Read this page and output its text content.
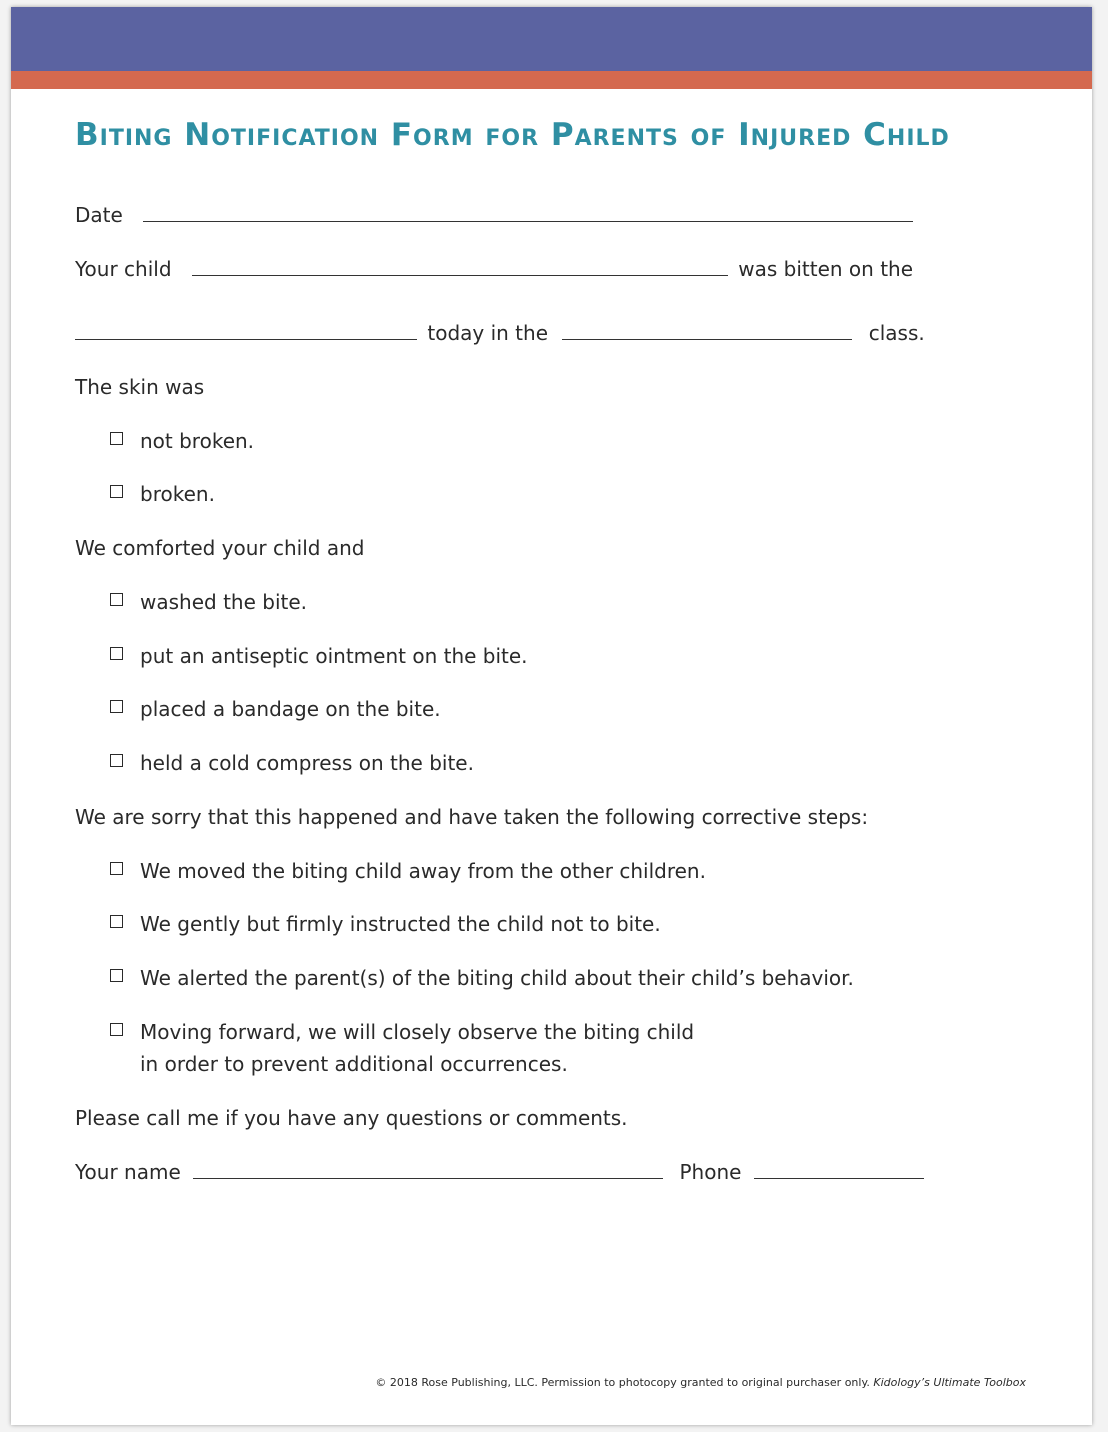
Biting Notification Form for Parents of Injured Child
Date
Your child	was bitten on the
today in the	class.
The skin was
not broken.
broken.
We comforted your child and
washed the bite.
put an antiseptic ointment on the bite.
placed a bandage on the bite.
held a cold compress on the bite.
We are sorry that this happened and have taken the following corrective steps:
We moved the biting child away from the other children.
We gently but firmly instructed the child not to bite.
We alerted the parent(s) of the biting child about their child’s behavior.
Moving forward, we will closely observe the biting child
in order to prevent additional occurrences.
Please call me if you have any questions or comments.
Your name	Phone
© 2018 Rose Publishing, LLC. Permission to photocopy granted to original purchaser only. Kidology’s Ultimate Toolbox
